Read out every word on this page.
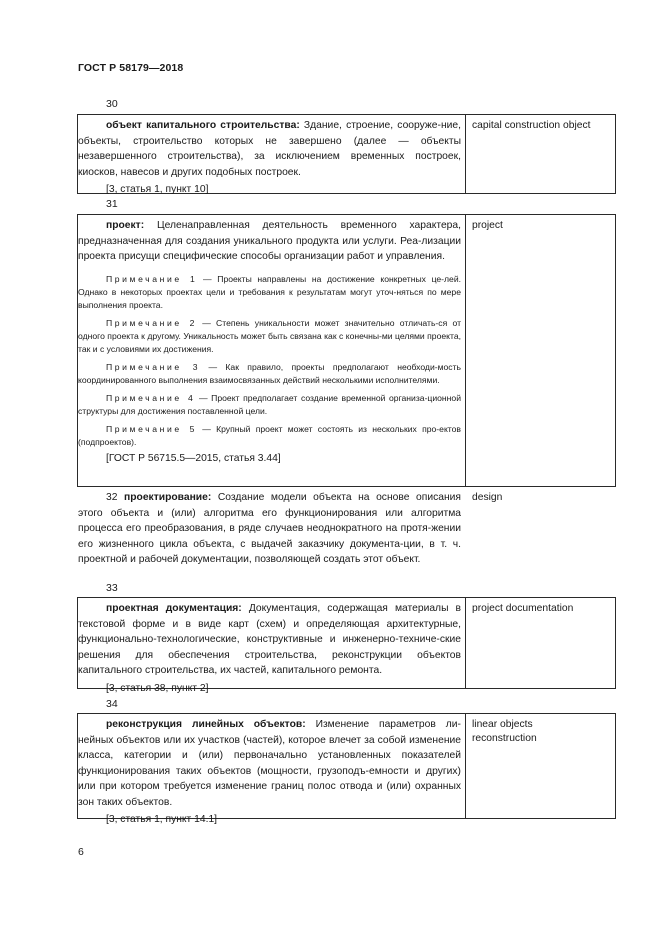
ГОСТ Р 58179—2018
30

объект капитального строительства: Здание, строение, сооруже-ние, объекты, строительство которых не завершено (далее — объекты незавершенного строительства), за исключением временных построек, киосков, навесов и других подобных построек.

[3, статья 1, пункт 10]

capital construction object
31

проект: Целенаправленная деятельность временного характера, предназначенная для создания уникального продукта или услуги. Реа-лизации проекта присущи специфические способы организации работ и управления.

Примечание 1 — Проекты направлены на достижение конкретных це-лей. Однако в некоторых проектах цели и требования к результатам могут уточ-няться по мере выполнения проекта.

Примечание 2 — Степень уникальности может значительно отличать-ся от одного проекта к другому. Уникальность может быть связана как с конечны-ми целями проекта, так и с условиями их достижения.

Примечание 3 — Как правило, проекты предполагают необходи-мость координированного выполнения взаимосвязанных действий несколькими исполнителями.

Примечание 4 — Проект предполагает создание временной организа-ционной структуры для достижения поставленной цели.

Примечание 5 — Крупный проект может состоять из нескольких про-ектов (подпроектов).

[ГОСТ Р 56715.5—2015, статья 3.44]

project

32 проектирование: Создание модели объекта на основе описания этого объекта и (или) алгоритма его функционирования или алгоритма процесса его преобразования, в ряде случаев неоднократного на протя-жении его жизненного цикла объекта, с выдачей заказчику документа-ции, в т. ч. проектной и рабочей документации, позволяющей создать этот объект.

design
33

проектная документация: Документация, содержащая материалы в текстовой форме и в виде карт (схем) и определяющая архитектурные, функционально-технологические, конструктивные и инженерно-техниче-ские решения для обеспечения строительства, реконструкции объектов капитального строительства, их частей, капитального ремонта.

[3, статья 38, пункт 2]

project documentation
34

реконструкция линейных объектов: Изменение параметров ли-нейных объектов или их участков (частей), которое влечет за собой изменение класса, категории и (или) первоначально установленных показателей функционирования таких объектов (мощности, грузоподъ-емности и других) или при котором требуется изменение границ полос отвода и (или) охранных зон таких объектов.

[3, статья 1, пункт 14.1]

linear objects
reconstruction
6
